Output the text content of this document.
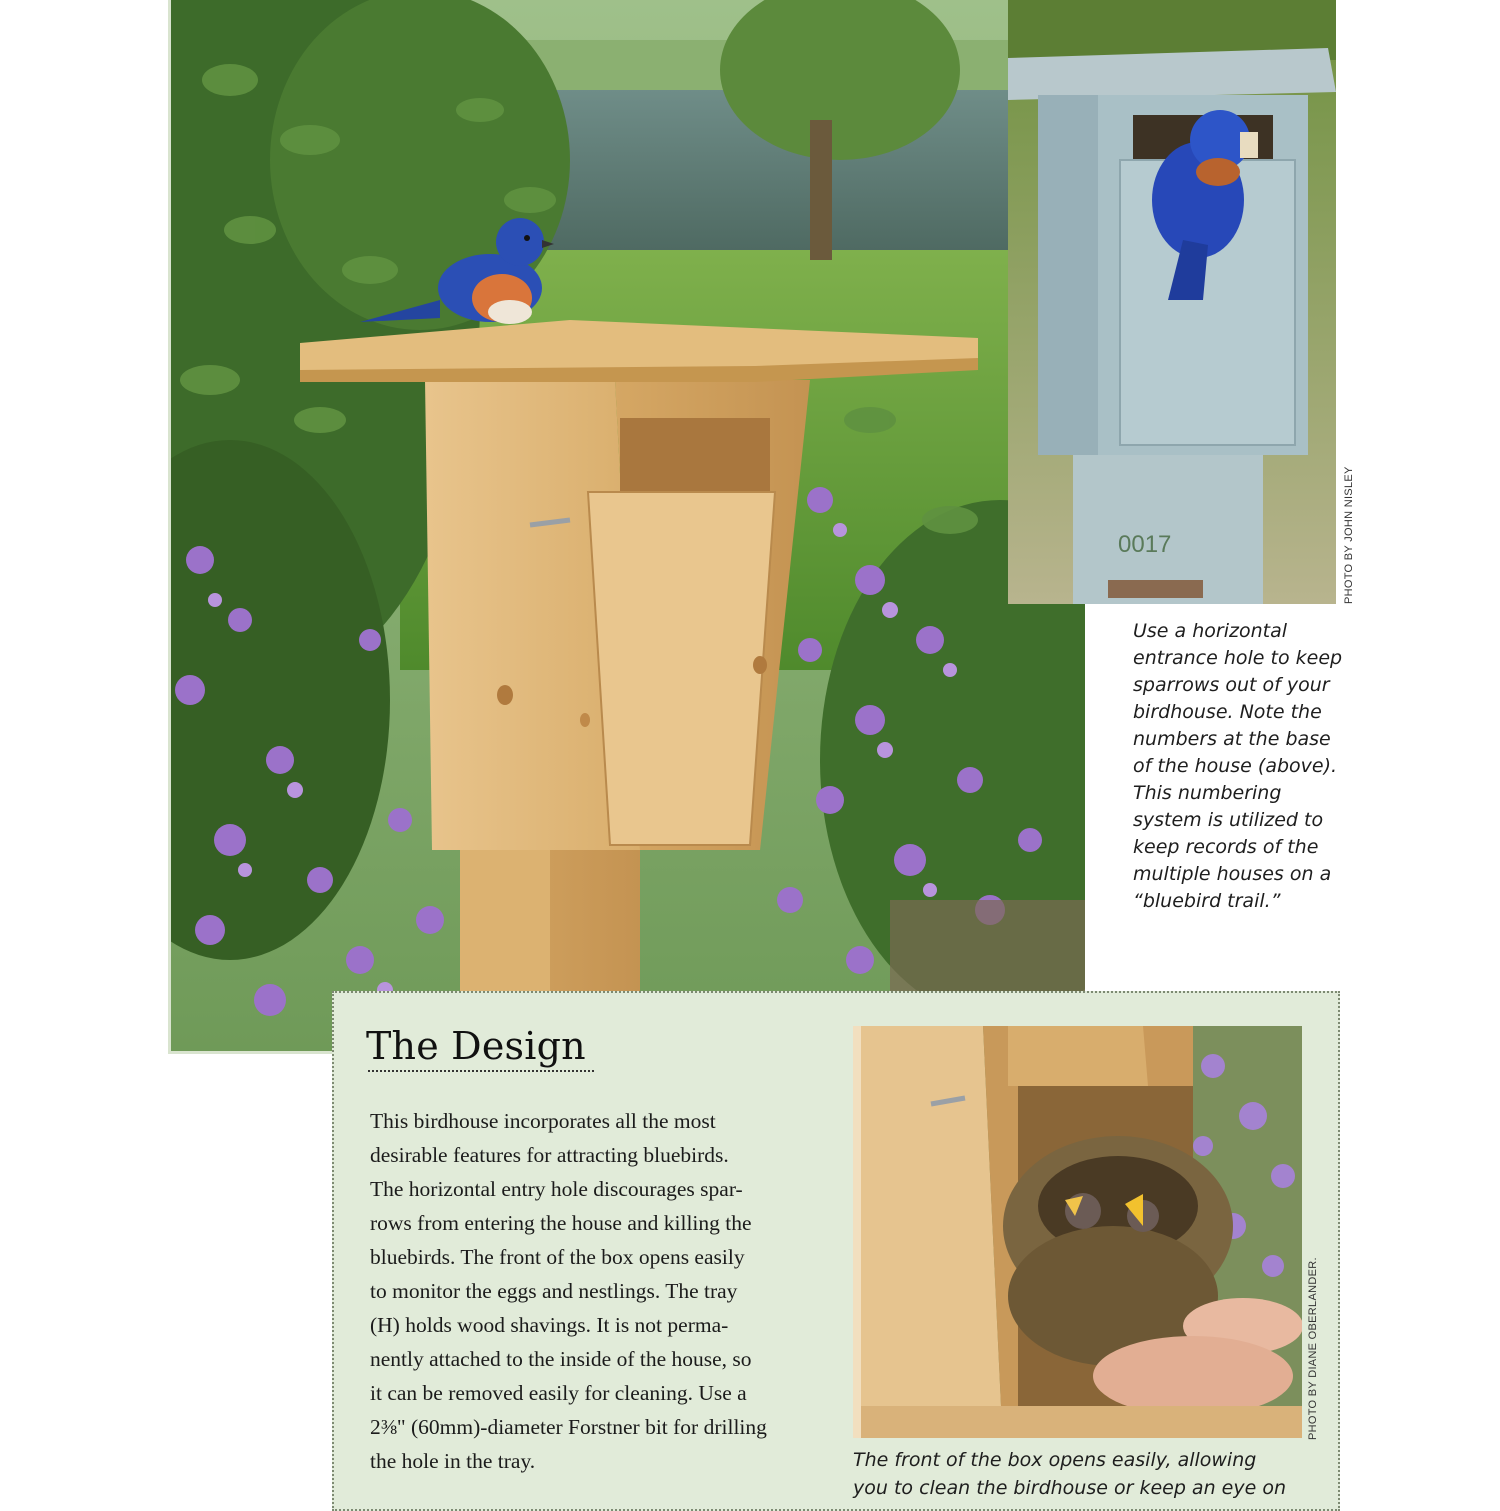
0017	PHOTO BY JOHN NISLEY
Use a horizontal entrance hole to keep sparrows out of your birdhouse. Note the numbers at the base of the house (above). This numbering system is utilized to keep records of the multiple houses on a “bluebird trail.”
The Design
This birdhouse incorporates all the most
desirable features for attracting bluebirds.
The horizontal entry hole discourages spar-
rows from entering the house and killing the
bluebirds. The front of the box opens easily
to monitor the eggs and nestlings. The tray
(H) holds wood shavings. It is not perma-
nently attached to the inside of the house, so
it can be removed easily for cleaning. Use a
2⅜" (60mm)-diameter Forstner bit for drilling
the hole in the tray.
PHOTO BY DIANE OBERLANDER.
The front of the box opens easily, allowing
you to clean the birdhouse or keep an eye on
